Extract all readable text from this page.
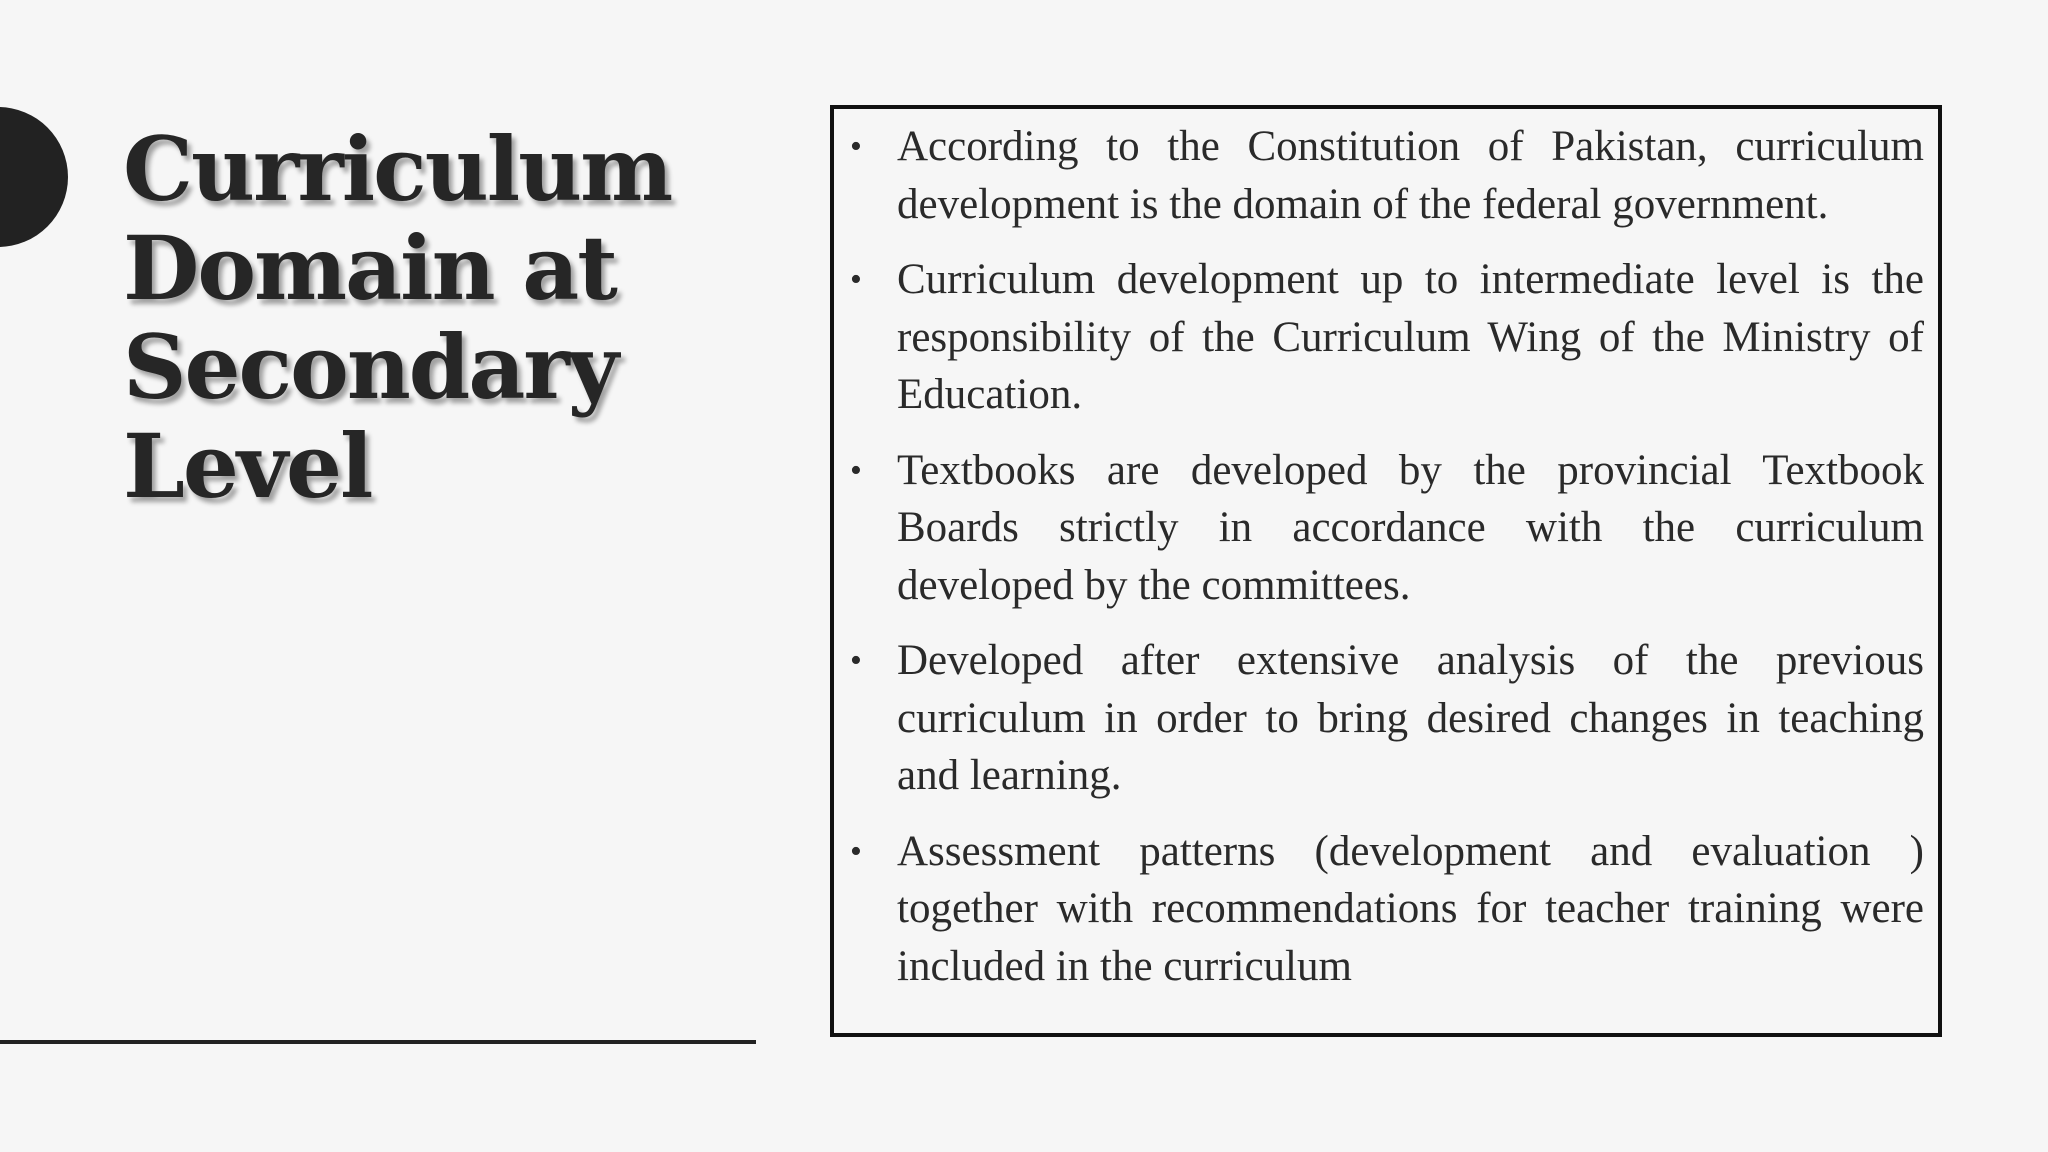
Curriculum
Domain at
Secondary
Level
• According to the Constitution of Pakistan, curriculum development is the domain of the federal government.
• Curriculum development up to intermediate level is the responsibility of the Curriculum Wing of the Ministry of Education.
• Textbooks are developed by the provincial Textbook Boards strictly in accordance with the curriculum developed by the committees.
• Developed after extensive analysis of the previous curriculum in order to bring desired changes in teaching and learning.
• Assessment patterns (development and evaluation ) together with recommendations for teacher training were included in the curriculum
